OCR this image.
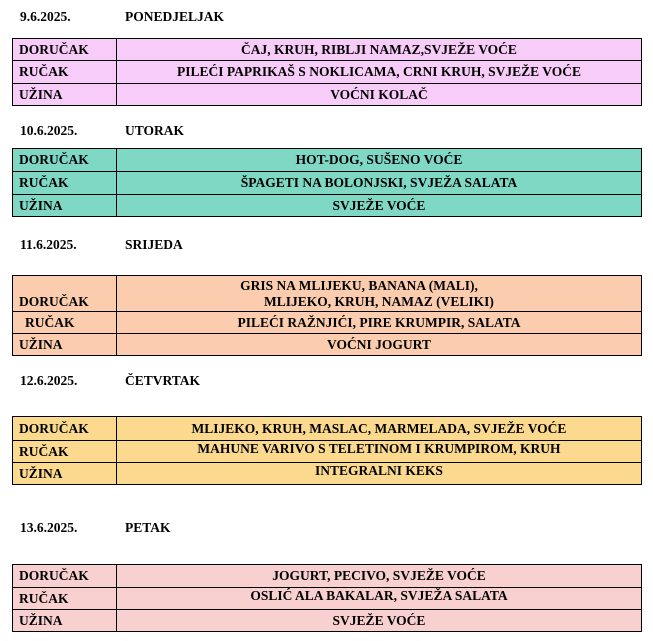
9.6.2025.	PONEDJELJAK
DORUČAK	ČAJ, KRUH, RIBLJI NAMAZ,SVJEŽE VOĆE
RUČAK	PILEĆI PAPRIKAŠ S NOKLICAMA, CRNI KRUH, SVJEŽE VOĆE
UŽINA	VOĆNI KOLAČ
10.6.2025.	UTORAK
DORUČAK	HOT-DOG, SUŠENO VOĆE
RUČAK	ŠPAGETI NA BOLONJSKI, SVJEŽA SALATA
UŽINA	SVJEŽE VOĆE
11.6.2025.	SRIJEDA
DORUČAK	GRIS NA MLIJEKU, BANANA (MALI),
MLIJEKO, KRUH, NAMAZ (VELIKI)

RUČAK	PILEĆI RAŽNJIĆI, PIRE KRUMPIR, SALATA
UŽINA	VOĆNI JOGURT
12.6.2025.	ČETVRTAK
DORUČAK	MLIJEKO, KRUH, MASLAC, MARMELADA, SVJEŽE VOĆE
RUČAK	MAHUNE VARIVO S TELETINOM I KRUMPIROM, KRUH
UŽINA	INTEGRALNI KEKS
13.6.2025.	PETAK
DORUČAK	JOGURT, PECIVO, SVJEŽE VOĆE
RUČAK	OSLIĆ ALA BAKALAR, SVJEŽA SALATA
UŽINA	SVJEŽE VOĆE
